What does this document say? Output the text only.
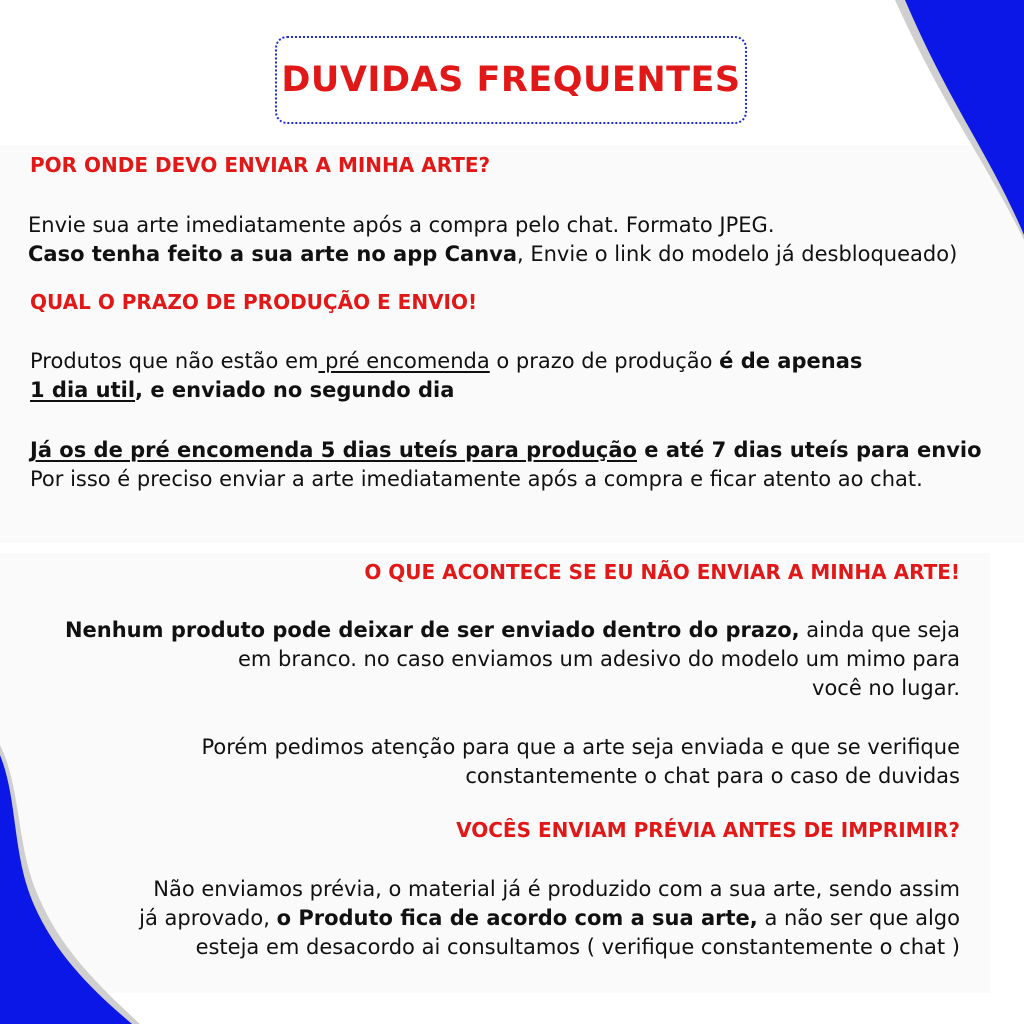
DUVIDAS FREQUENTES
POR ONDE DEVO ENVIAR A MINHA ARTE?
Envie sua arte imediatamente após a compra pelo chat. Formato JPEG.
Caso tenha feito a sua arte no app Canva, Envie o link do modelo já desbloqueado)
QUAL O PRAZO DE PRODUÇÃO E ENVIO!
Produtos que não estão em pré encomenda o prazo de produção é de apenas
1 dia util, e enviado no segundo dia
Já os de pré encomenda 5 dias uteís para produção e até 7 dias uteís para envio
Por isso é preciso enviar a arte imediatamente após a compra e ficar atento ao chat.
O QUE ACONTECE SE EU NÃO ENVIAR A MINHA ARTE!
Nenhum produto pode deixar de ser enviado dentro do prazo, ainda que seja
em branco. no caso enviamos um adesivo do modelo um mimo para
você no lugar.
Porém pedimos atenção para que a arte seja enviada e que se verifique
constantemente o chat para o caso de duvidas
VOCÊS ENVIAM PRÉVIA ANTES DE IMPRIMIR?
Não enviamos prévia, o material já é produzido com a sua arte, sendo assim
já aprovado, o Produto fica de acordo com a sua arte, a não ser que algo
esteja em desacordo ai consultamos ( verifique constantemente o chat )
